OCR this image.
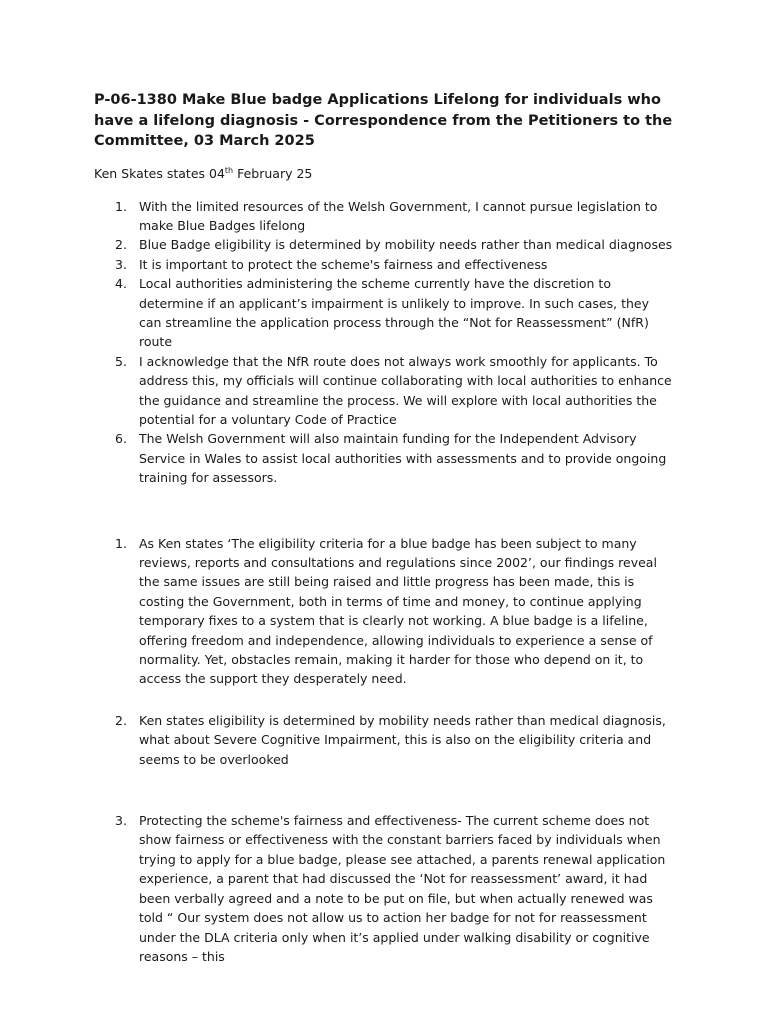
P-06-1380 Make Blue badge Applications Lifelong for individuals who have a lifelong diagnosis - Correspondence from the Petitioners to the Committee, 03 March 2025

Ken Skates states 04th February 25

1. With the limited resources of the Welsh Government, I cannot pursue legislation to make Blue Badges lifelong
2. Blue Badge eligibility is determined by mobility needs rather than medical diagnoses
3. It is important to protect the scheme's fairness and effectiveness
4. Local authorities administering the scheme currently have the discretion to determine if an applicant’s impairment is unlikely to improve. In such cases, they can streamline the application process through the “Not for Reassessment” (NfR) route
5. I acknowledge that the NfR route does not always work smoothly for applicants. To address this, my officials will continue collaborating with local authorities to enhance the guidance and streamline the process. We will explore with local authorities the potential for a voluntary Code of Practice
6. The Welsh Government will also maintain funding for the Independent Advisory Service in Wales to assist local authorities with assessments and to provide ongoing training for assessors.
1. As Ken states ‘The eligibility criteria for a blue badge has been subject to many reviews, reports and consultations and regulations since 2002’, our findings reveal the same issues are still being raised and little progress has been made, this is costing the Government, both in terms of time and money, to continue applying temporary fixes to a system that is clearly not working. A blue badge is a lifeline, offering freedom and independence, allowing individuals to experience a sense of normality. Yet, obstacles remain, making it harder for those who depend on it, to access the support they desperately need.
2. Ken states eligibility is determined by mobility needs rather than medical diagnosis, what about Severe Cognitive Impairment, this is also on the eligibility criteria and seems to be overlooked
3. Protecting the scheme's fairness and effectiveness- The current scheme does not show fairness or effectiveness with the constant barriers faced by individuals when trying to apply for a blue badge, please see attached, a parents renewal application experience, a parent that had discussed the ‘Not for reassessment’ award, it had been verbally agreed and a note to be put on file, but when actually renewed was told “ Our system does not allow us to action her badge for not for reassessment under the DLA criteria only when it’s applied under walking disability or cognitive reasons – this
